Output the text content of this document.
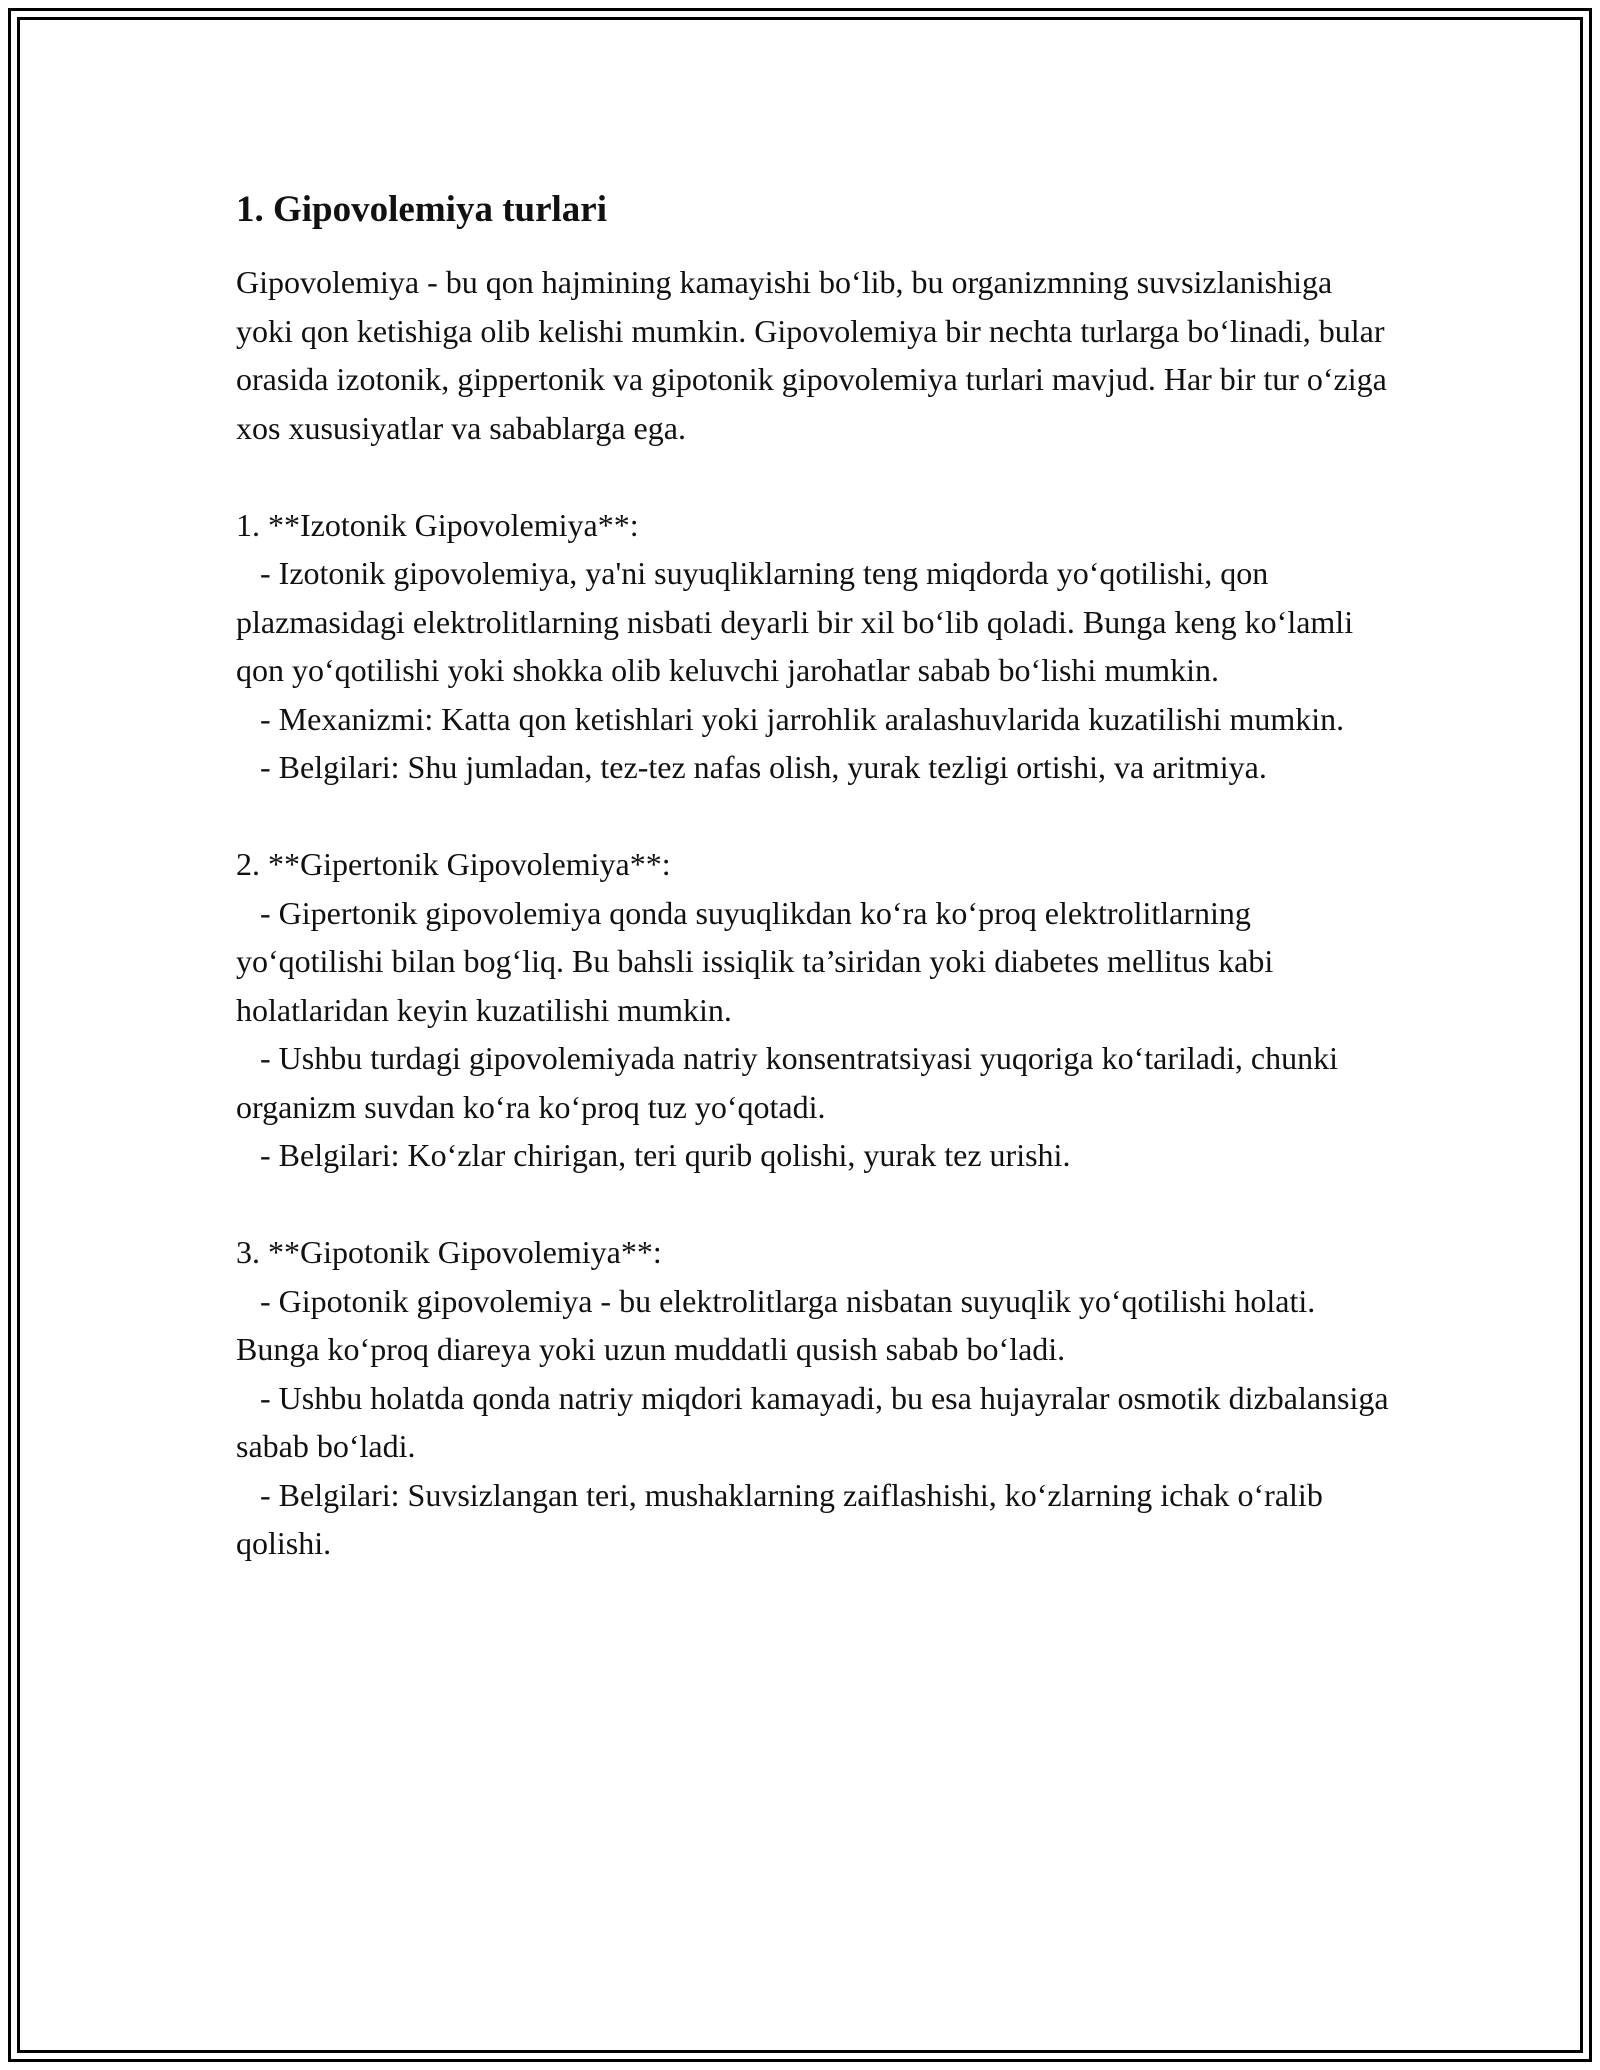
1. Gipovolemiya turlari

Gipovolemiya - bu qon hajmining kamayishi bo‘lib, bu organizmning suvsizlanishiga yoki qon ketishiga olib kelishi mumkin. Gipovolemiya bir nechta turlarga bo‘linadi, bular orasida izotonik, gippertonik va gipotonik gipovolemiya turlari mavjud. Har bir tur o‘ziga xos xususiyatlar va sabablarga ega.

1. **Izotonik Gipovolemiya**:

- Izotonik gipovolemiya, ya'ni suyuqliklarning teng miqdorda yo‘qotilishi, qon plazmasidagi elektrolitlarning nisbati deyarli bir xil bo‘lib qoladi. Bunga keng ko‘lamli qon yo‘qotilishi yoki shokka olib keluvchi jarohatlar sabab bo‘lishi mumkin.

- Mexanizmi: Katta qon ketishlari yoki jarrohlik aralashuvlarida kuzatilishi mumkin.

- Belgilari: Shu jumladan, tez-tez nafas olish, yurak tezligi ortishi, va aritmiya.

2. **Gipertonik Gipovolemiya**:

- Gipertonik gipovolemiya qonda suyuqlikdan ko‘ra ko‘proq elektrolitlarning yo‘qotilishi bilan bog‘liq. Bu bahsli issiqlik ta’siridan yoki diabetes mellitus kabi holatlaridan keyin kuzatilishi mumkin.

- Ushbu turdagi gipovolemiyada natriy konsentratsiyasi yuqoriga ko‘tariladi, chunki organizm suvdan ko‘ra ko‘proq tuz yo‘qotadi.

- Belgilari: Ko‘zlar chirigan, teri qurib qolishi, yurak tez urishi.

3. **Gipotonik Gipovolemiya**:

- Gipotonik gipovolemiya - bu elektrolitlarga nisbatan suyuqlik yo‘qotilishi holati. Bunga ko‘proq diareya yoki uzun muddatli qusish sabab bo‘ladi.

- Ushbu holatda qonda natriy miqdori kamayadi, bu esa hujayralar osmotik dizbalansiga sabab bo‘ladi.

- Belgilari: Suvsizlangan teri, mushaklarning zaiflashishi, ko‘zlarning ichak o‘ralib qolishi.
